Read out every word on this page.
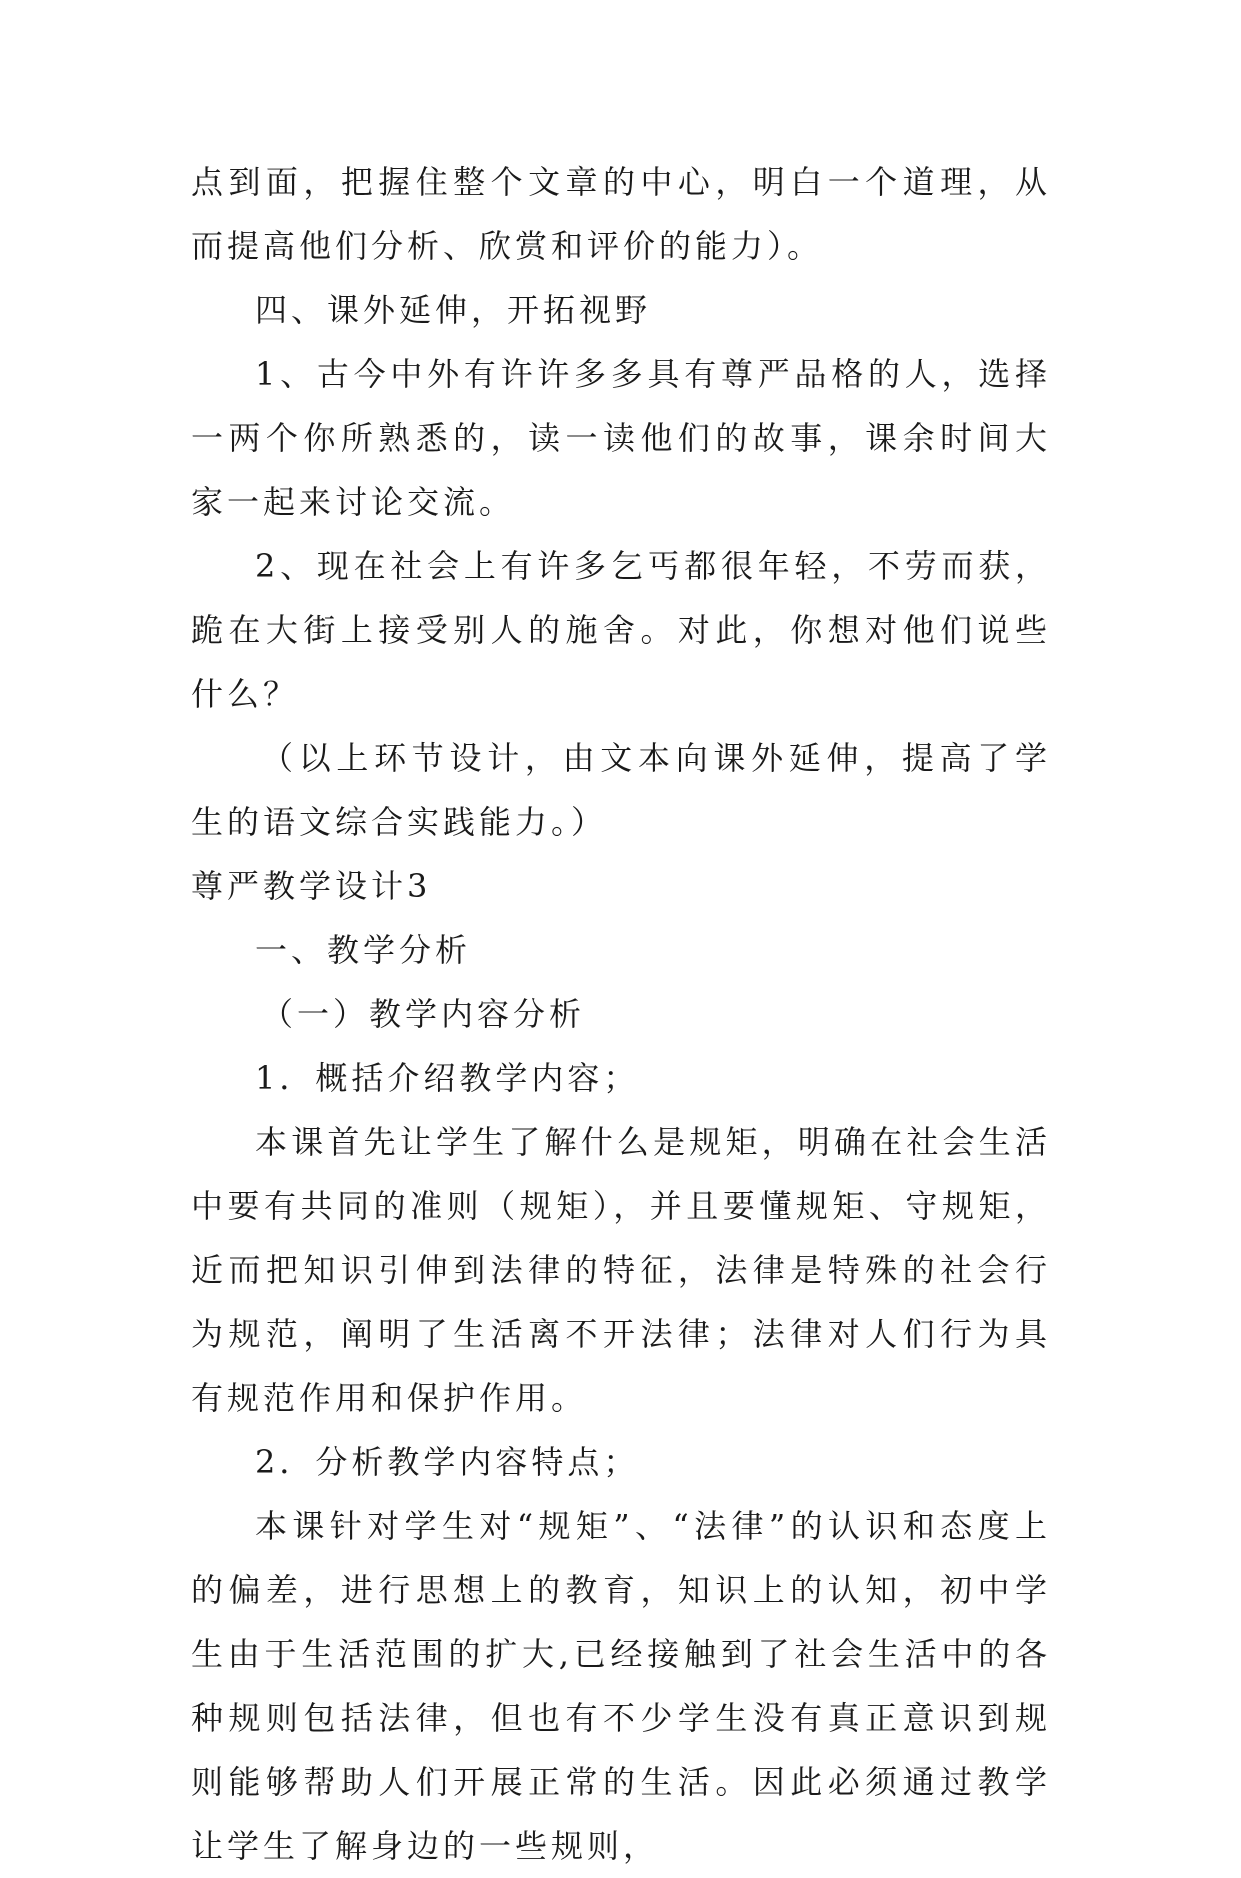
点到面，把握住整个文章的中心，明白一个道理，从而提高他们分析、欣赏和评价的能力）。

四、课外延伸，开拓视野

1、古今中外有许许多多具有尊严品格的人，选择一两个你所熟悉的，读一读他们的故事，课余时间大家一起来讨论交流。

2、现在社会上有许多乞丐都很年轻，不劳而获，跪在大街上接受别人的施舍。对此，你想对他们说些什么？

（以上环节设计，由文本向课外延伸，提高了学生的语文综合实践能力。）

尊严教学设计3

一、教学分析

（一）教学内容分析

1．概括介绍教学内容；

本课首先让学生了解什么是规矩，明确在社会生活中要有共同的准则（规矩），并且要懂规矩、守规矩，近而把知识引伸到法律的特征，法律是特殊的社会行为规范，阐明了生活离不开法律；法律对人们行为具有规范作用和保护作用。

2．分析教学内容特点；

本课针对学生对“规矩”、“法律”的认识和态度上的偏差，进行思想上的教育，知识上的认知，初中学生由于生活范围的扩大,已经接触到了社会生活中的各种规则包括法律，但也有不少学生没有真正意识到规则能够帮助人们开展正常的生活。因此必须通过教学让学生了解身边的一些规则，
